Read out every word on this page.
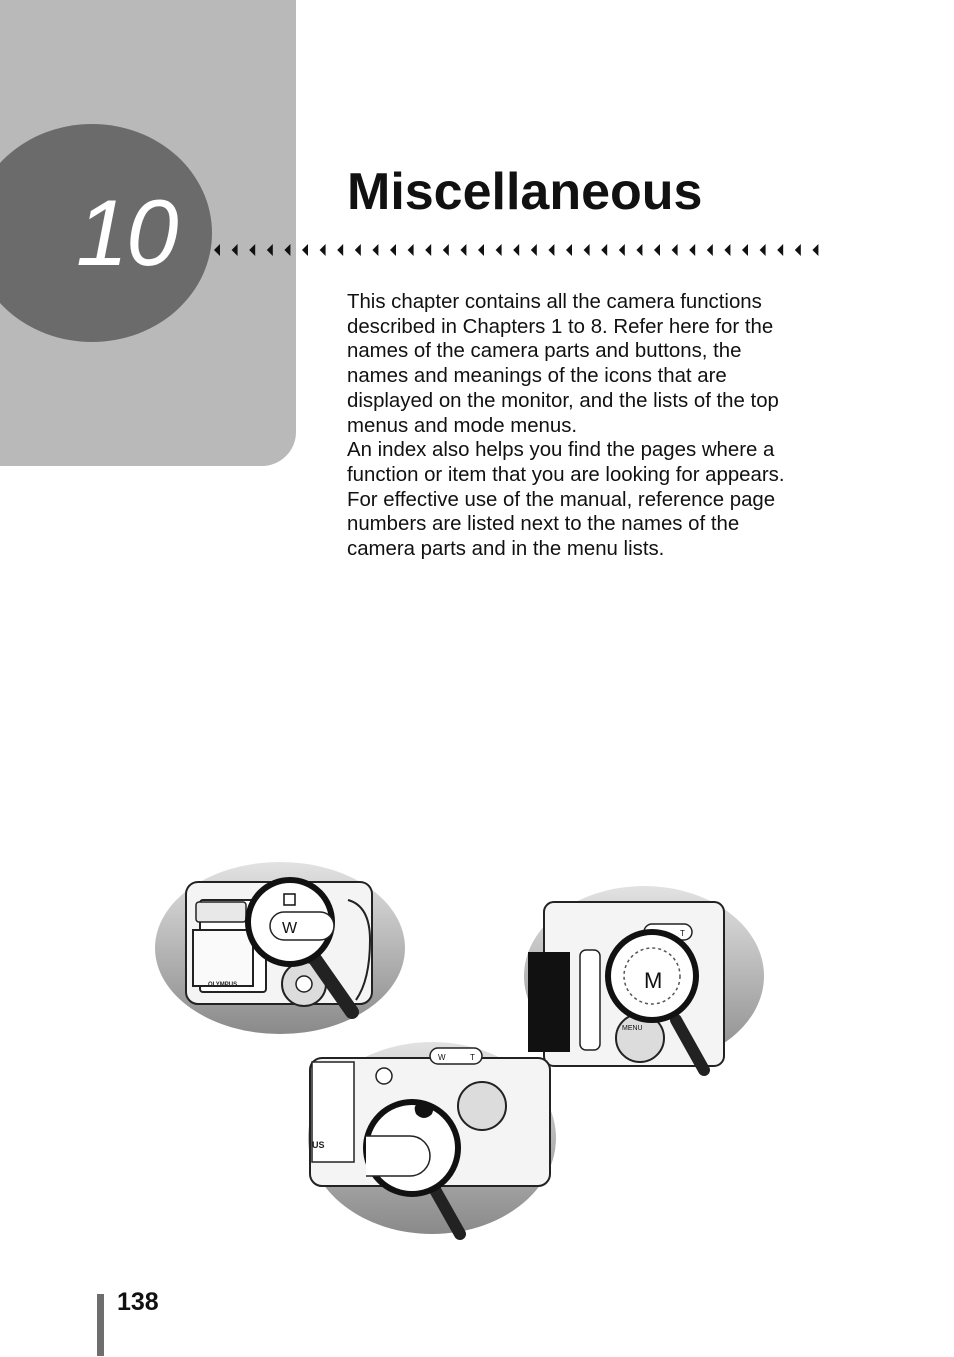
10	Miscellaneous

This chapter contains all the camera functions described in Chapters 1 to 8. Refer here for the names of the camera parts and buttons, the names and meanings of the icons that are displayed on the monitor, and the lists of the top menus and mode menus.

An index also helps you find the pages where a function or item that you are looking for appears. For effective use of the manual, reference page numbers are listed next to the names of the camera parts and in the menu lists.

OLYMPUS
W	T
MENU
M
US
W	T
138
